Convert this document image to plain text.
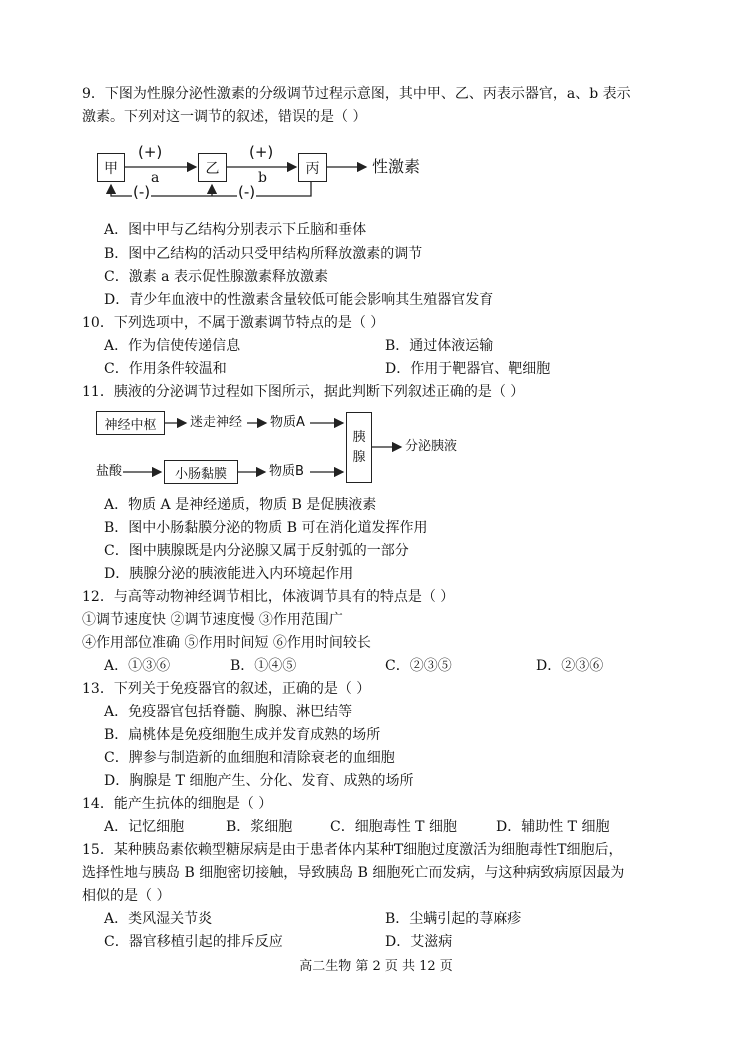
9．下图为性腺分泌性激素的分级调节过程示意图，其中甲、乙、丙表示器官，a、b 表示
激素。下列对这一调节的叙述，错误的是（ ）
甲	乙	丙	性激素
(+)
a
(+)
b
(-)	(-)
A．图中甲与乙结构分别表示下丘脑和垂体
B．图中乙结构的活动只受甲结构所释放激素的调节
C．激素 a 表示促性腺激素释放激素
D．青少年血液中的性激素含量较低可能会影响其生殖器官发育
10．下列选项中，不属于激素调节特点的是（ ）
A．作为信使传递信息	B．通过体液运输
C．作用条件较温和	D．作用于靶器官、靶细胞
11．胰液的分泌调节过程如下图所示，据此判断下列叙述正确的是（ ）
神经中枢	迷走神经 物质A
胰
腺
分泌胰液
盐酸	小肠黏膜	物质B
A．物质 A 是神经递质，物质 B 是促胰液素
B．图中小肠黏膜分泌的物质 B 可在消化道发挥作用
C．图中胰腺既是内分泌腺又属于反射弧的一部分
D．胰腺分泌的胰液能进入内环境起作用
12．与高等动物神经调节相比，体液调节具有的特点是（ ）
①调节速度快 ②调节速度慢 ③作用范围广
④作用部位准确 ⑤作用时间短 ⑥作用时间较长
A．①③⑥	B．①④⑤	C．②③⑤	D．②③⑥
13．下列关于免疫器官的叙述，正确的是（ ）
A．免疫器官包括脊髓、胸腺、淋巴结等
B．扁桃体是免疫细胞生成并发育成熟的场所
C．脾参与制造新的血细胞和清除衰老的血细胞
D．胸腺是 T 细胞产生、分化、发育、成熟的场所
14．能产生抗体的细胞是（ ）
A．记忆细胞	B．浆细胞	C．细胞毒性 T 细胞	D．辅助性 T 细胞
15．某种胰岛素依赖型糖尿病是由于患者体内某种T细胞过度激活为细胞毒性T细胞后，
选择性地与胰岛 B 细胞密切接触，导致胰岛 B 细胞死亡而发病，与这种病致病原因最为
相似的是（ ）
A．类风湿关节炎	B．尘螨引起的荨麻疹
C．器官移植引起的排斥反应	D．艾滋病
高二生物 第 2 页 共 12 页
